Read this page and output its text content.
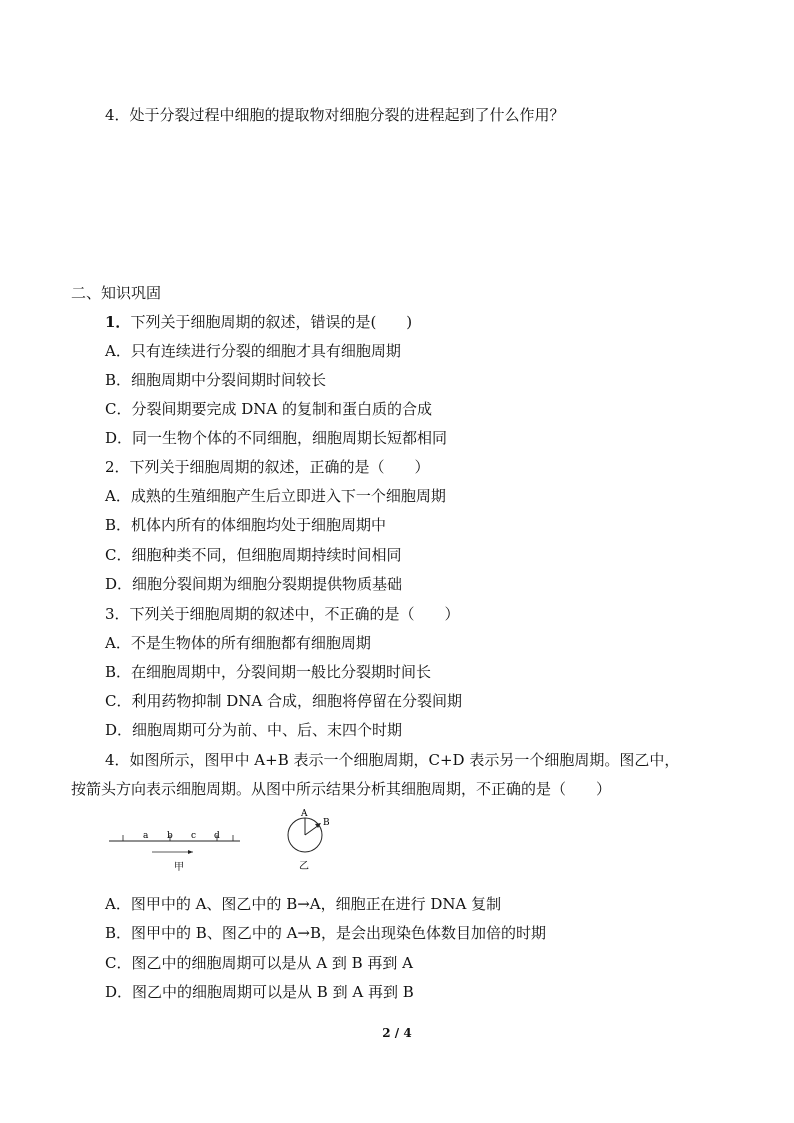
4．处于分裂过程中细胞的提取物对细胞分裂的进程起到了什么作用？
二、知识巩固
1．下列关于细胞周期的叙述，错误的是(　　)
A．只有连续进行分裂的细胞才具有细胞周期
B．细胞周期中分裂间期时间较长
C．分裂间期要完成 DNA 的复制和蛋白质的合成
D．同一生物个体的不同细胞，细胞周期长短都相同
2．下列关于细胞周期的叙述，正确的是（　　）
A．成熟的生殖细胞产生后立即进入下一个细胞周期
B．机体内所有的体细胞均处于细胞周期中
C．细胞种类不同，但细胞周期持续时间相同
D．细胞分裂间期为细胞分裂期提供物质基础
3．下列关于细胞周期的叙述中，不正确的是（　　）
A．不是生物体的所有细胞都有细胞周期
B．在细胞周期中，分裂间期一般比分裂期时间长
C．利用药物抑制 DNA 合成，细胞将停留在分裂间期
D．细胞周期可分为前、中、后、末四个时期
4．如图所示，图甲中 A+B 表示一个细胞周期，C+D 表示另一个细胞周期。图乙中，
按箭头方向表示细胞周期。从图中所示结果分析其细胞周期，不正确的是（　　）
a b c d
甲
A
B
乙
A．图甲中的 A、图乙中的 B→A，细胞正在进行 DNA 复制
B．图甲中的 B、图乙中的 A→B，是会出现染色体数目加倍的时期
C．图乙中的细胞周期可以是从 A 到 B 再到 A
D．图乙中的细胞周期可以是从 B 到 A 再到 B
2 / 4
